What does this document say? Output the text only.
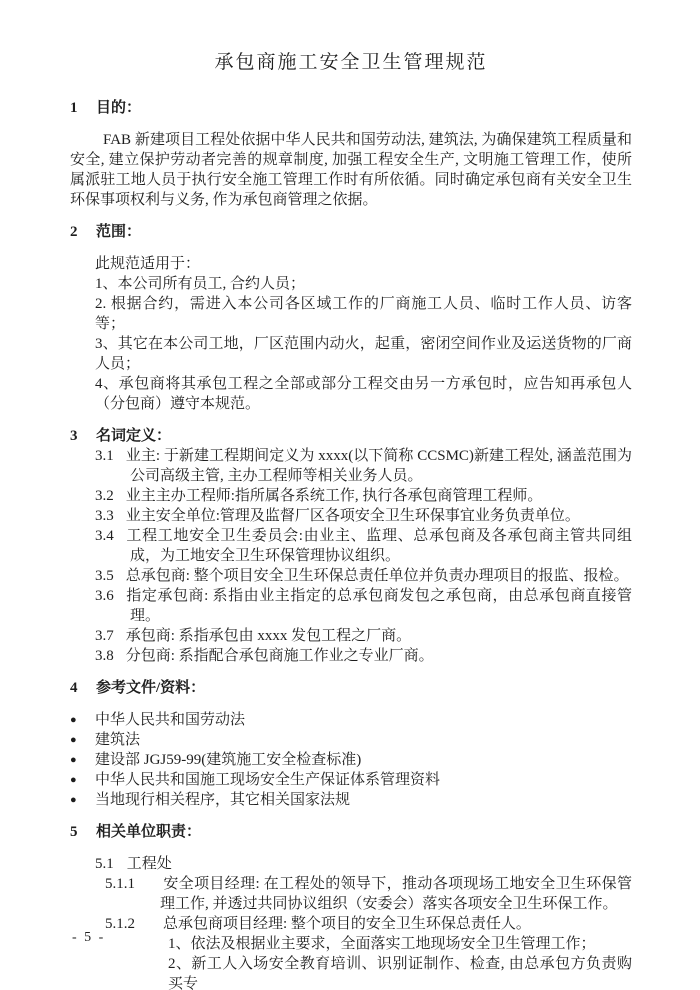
承包商施工安全卫生管理规范
1	目的：

FAB 新建项目工程处依据中华人民共和国劳动法, 建筑法, 为确保建筑工程质量和安全, 建立保护劳动者完善的规章制度, 加强工程安全生产, 文明施工管理工作，使所属派驻工地人员于执行安全施工管理工作时有所依循。同时确定承包商有关安全卫生环保事项权利与义务, 作为承包商管理之依据。

2	范围：

此规范适用于：

1、本公司所有员工, 合约人员；

2. 根据合约，需进入本公司各区域工作的厂商施工人员、临时工作人员、访客等；

3、其它在本公司工地，厂区范围内动火，起重，密闭空间作业及运送货物的厂商人员；

4、承包商将其承包工程之全部或部分工程交由另一方承包时，应告知再承包人（分包商）遵守本规范。

3	名词定义：

3.1 业主: 于新建工程期间定义为 xxxx(以下简称 CCSMC)新建工程处, 涵盖范围为公司高级主管, 主办工程师等相关业务人员。

3.2 业主主办工程师:指所属各系统工作, 执行各承包商管理工程师。

3.3 业主安全单位:管理及监督厂区各项安全卫生环保事宜业务负责单位。

3.4 工程工地安全卫生委员会:由业主、监理、总承包商及各承包商主管共同组成，为工地安全卫生环保管理协议组织。

3.5 总承包商: 整个项目安全卫生环保总责任单位并负责办理项目的报监、报检。

3.6 指定承包商: 系指由业主指定的总承包商发包之承包商，由总承包商直接管理。

3.7 承包商: 系指承包由 xxxx 发包工程之厂商。

3.8 分包商: 系指配合承包商施工作业之专业厂商。

4	参考文件/资料：

●	中华人民共和国劳动法

●	建筑法

●	建设部 JGJ59-99(建筑施工安全检查标准)

●	中华人民共和国施工现场安全生产保证体系管理资料

●	当地现行相关程序，其它相关国家法规

5	相关单位职责：

5.1 工程处

5.1.1 安全项目经理: 在工程处的领导下，推动各项现场工地安全卫生环保管理工作, 并透过共同协议组织（安委会）落实各项安全卫生环保工作。

5.1.2 总承包商项目经理: 整个项目的安全卫生环保总责任人。

1、依法及根据业主要求，全面落实工地现场安全卫生管理工作；

2、新工人入场安全教育培训、识别证制作、检查, 由总承包方负责购买专

- 5 -
